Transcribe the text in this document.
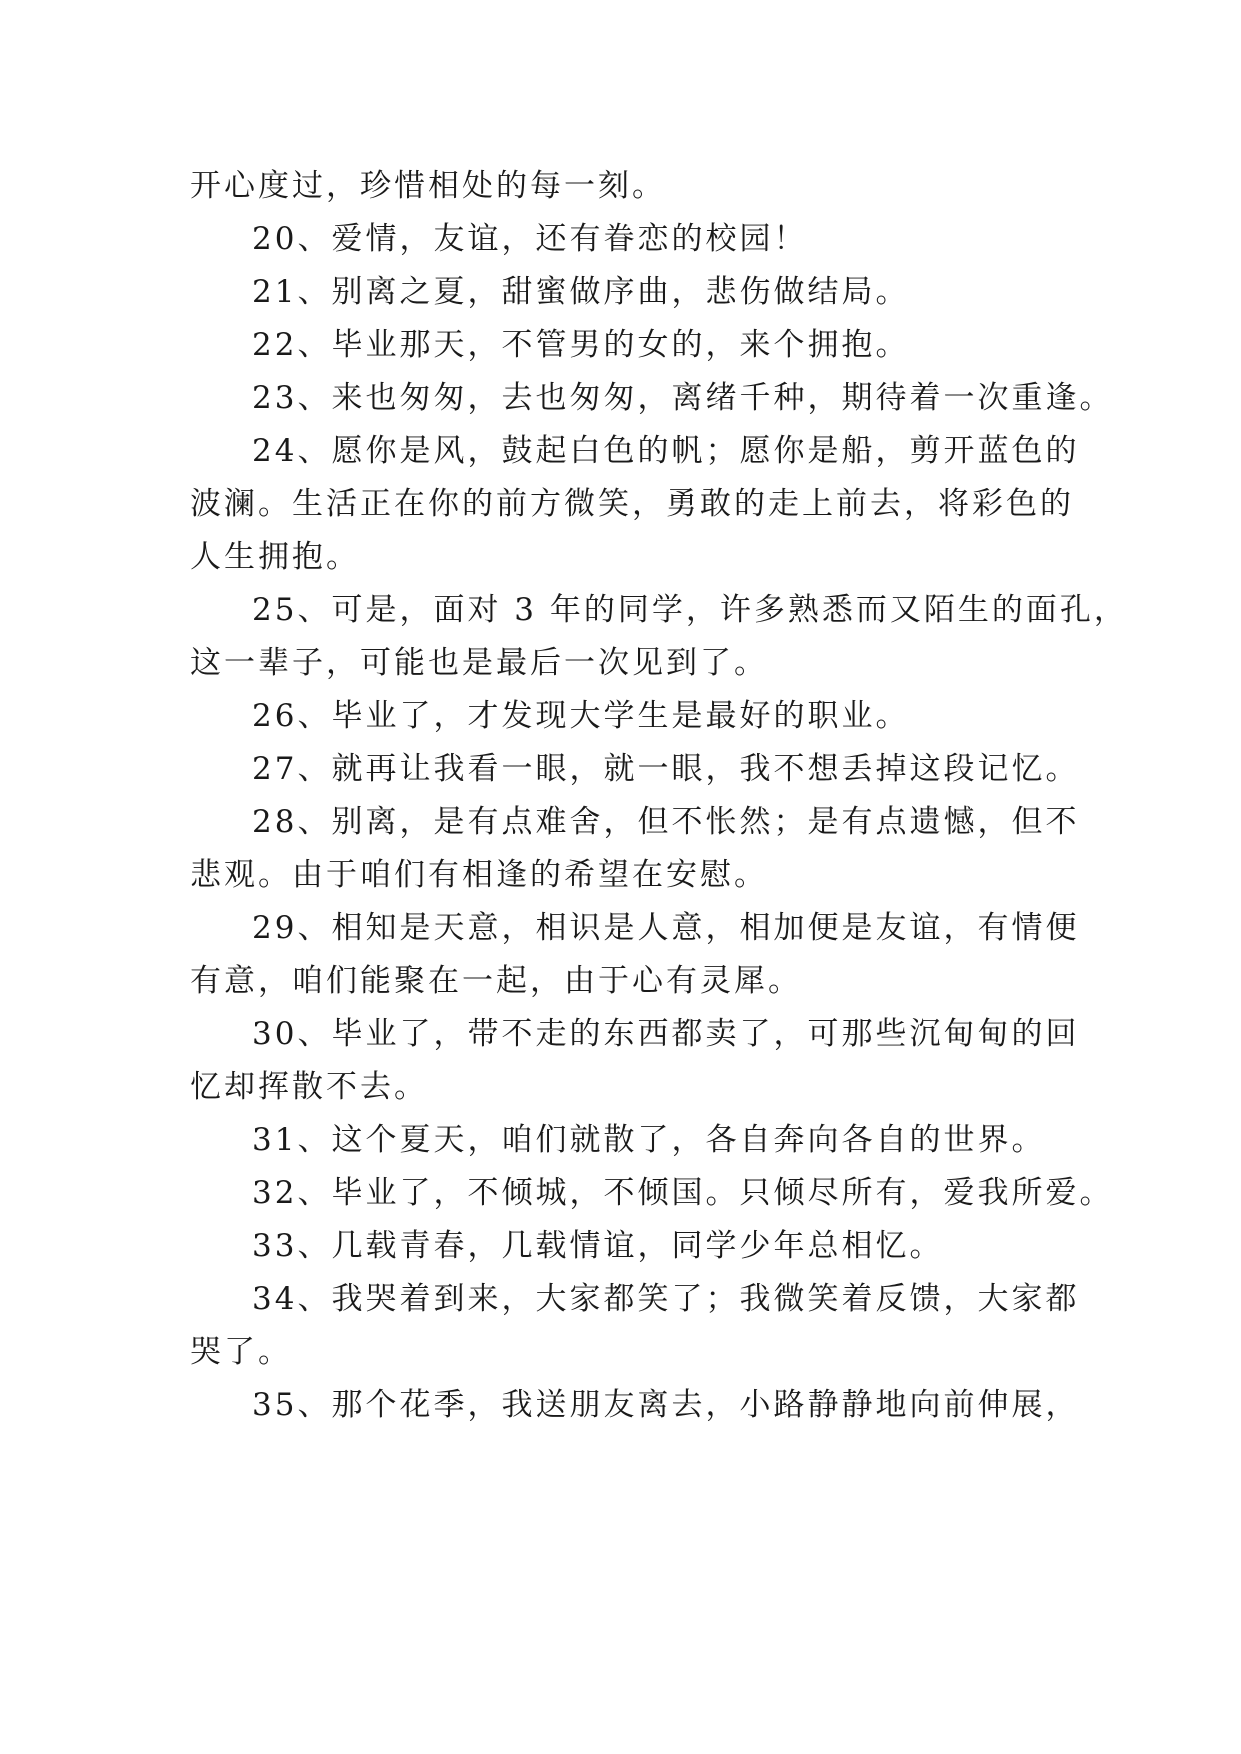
开心度过，珍惜相处的每一刻。
20、爱情，友谊，还有眷恋的校园！
21、别离之夏，甜蜜做序曲，悲伤做结局。
22、毕业那天，不管男的女的，来个拥抱。
23、来也匆匆，去也匆匆，离绪千种，期待着一次重逢。
24、愿你是风，鼓起白色的帆；愿你是船，剪开蓝色的
波澜。生活正在你的前方微笑，勇敢的走上前去，将彩色的
人生拥抱。
25、可是，面对 3 年的同学，许多熟悉而又陌生的面孔，
这一辈子，可能也是最后一次见到了。
26、毕业了，才发现大学生是最好的职业。
27、就再让我看一眼，就一眼，我不想丢掉这段记忆。
28、别离，是有点难舍，但不怅然；是有点遗憾，但不
悲观。由于咱们有相逢的希望在安慰。
29、相知是天意，相识是人意，相加便是友谊，有情便
有意，咱们能聚在一起，由于心有灵犀。
30、毕业了，带不走的东西都卖了，可那些沉甸甸的回
忆却挥散不去。
31、这个夏天，咱们就散了，各自奔向各自的世界。
32、毕业了，不倾城，不倾国。只倾尽所有，爱我所爱。
33、几载青春，几载情谊，同学少年总相忆。
34、我哭着到来，大家都笑了；我微笑着反馈，大家都
哭了。
35、那个花季，我送朋友离去，小路静静地向前伸展，
